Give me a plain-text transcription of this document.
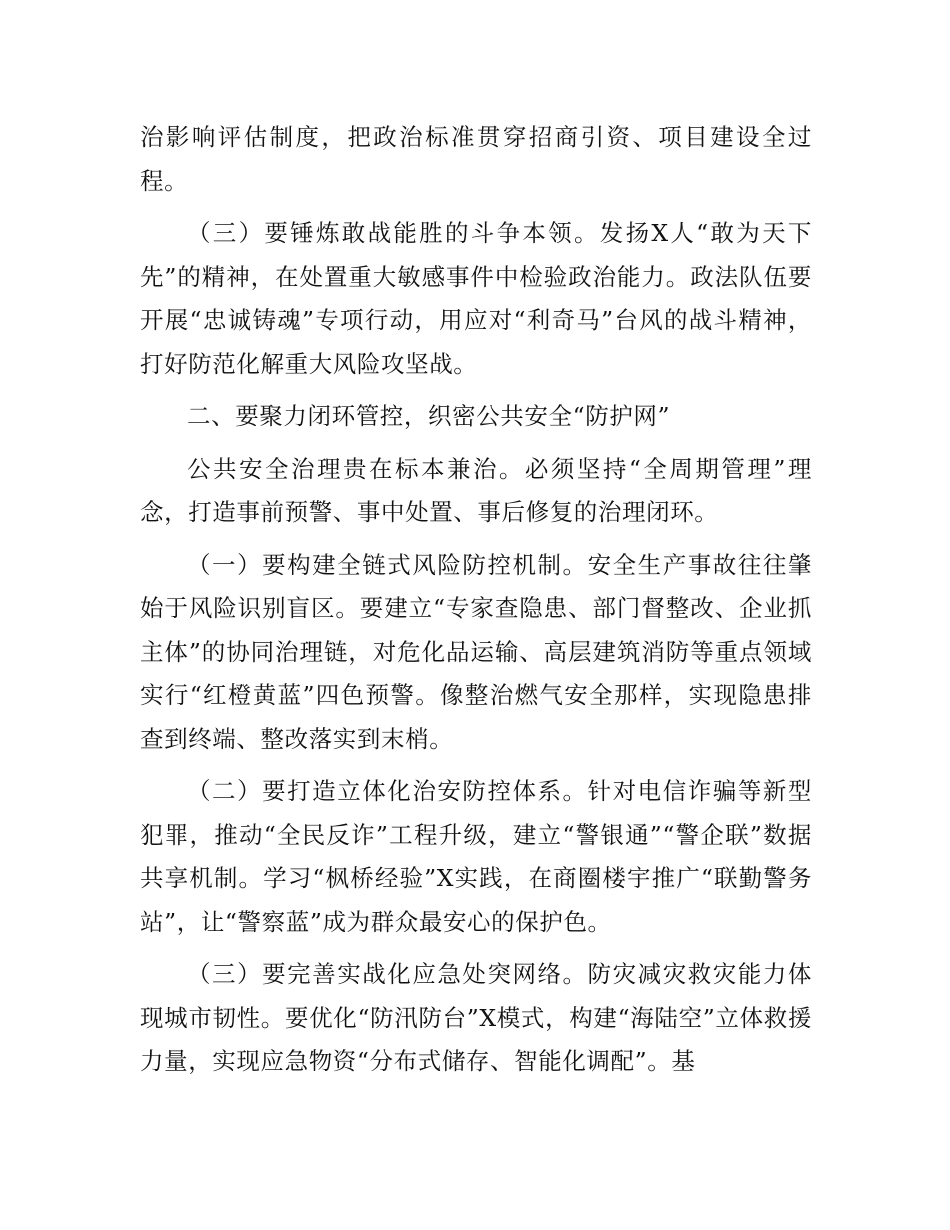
治影响评估制度，把政治标准贯穿招商引资、项目建设全过程。

（三）要锤炼敢战能胜的斗争本领。发扬X人“敢为天下先”的精神，在处置重大敏感事件中检验政治能力。政法队伍要开展“忠诚铸魂”专项行动，用应对“利奇马”台风的战斗精神，打好防范化解重大风险攻坚战。

二、要聚力闭环管控，织密公共安全“防护网”

公共安全治理贵在标本兼治。必须坚持“全周期管理”理念，打造事前预警、事中处置、事后修复的治理闭环。

（一）要构建全链式风险防控机制。安全生产事故往往肇始于风险识别盲区。要建立“专家查隐患、部门督整改、企业抓主体”的协同治理链，对危化品运输、高层建筑消防等重点领域实行“红橙黄蓝”四色预警。像整治燃气安全那样，实现隐患排查到终端、整改落实到末梢。

（二）要打造立体化治安防控体系。针对电信诈骗等新型犯罪，推动“全民反诈”工程升级，建立“警银通”“警企联”数据共享机制。学习“枫桥经验”X实践，在商圈楼宇推广“联勤警务站”，让“警察蓝”成为群众最安心的保护色。

（三）要完善实战化应急处突网络。防灾减灾救灾能力体现城市韧性。要优化“防汛防台”X模式，构建“海陆空”立体救援力量，实现应急物资“分布式储存、智能化调配”。基
